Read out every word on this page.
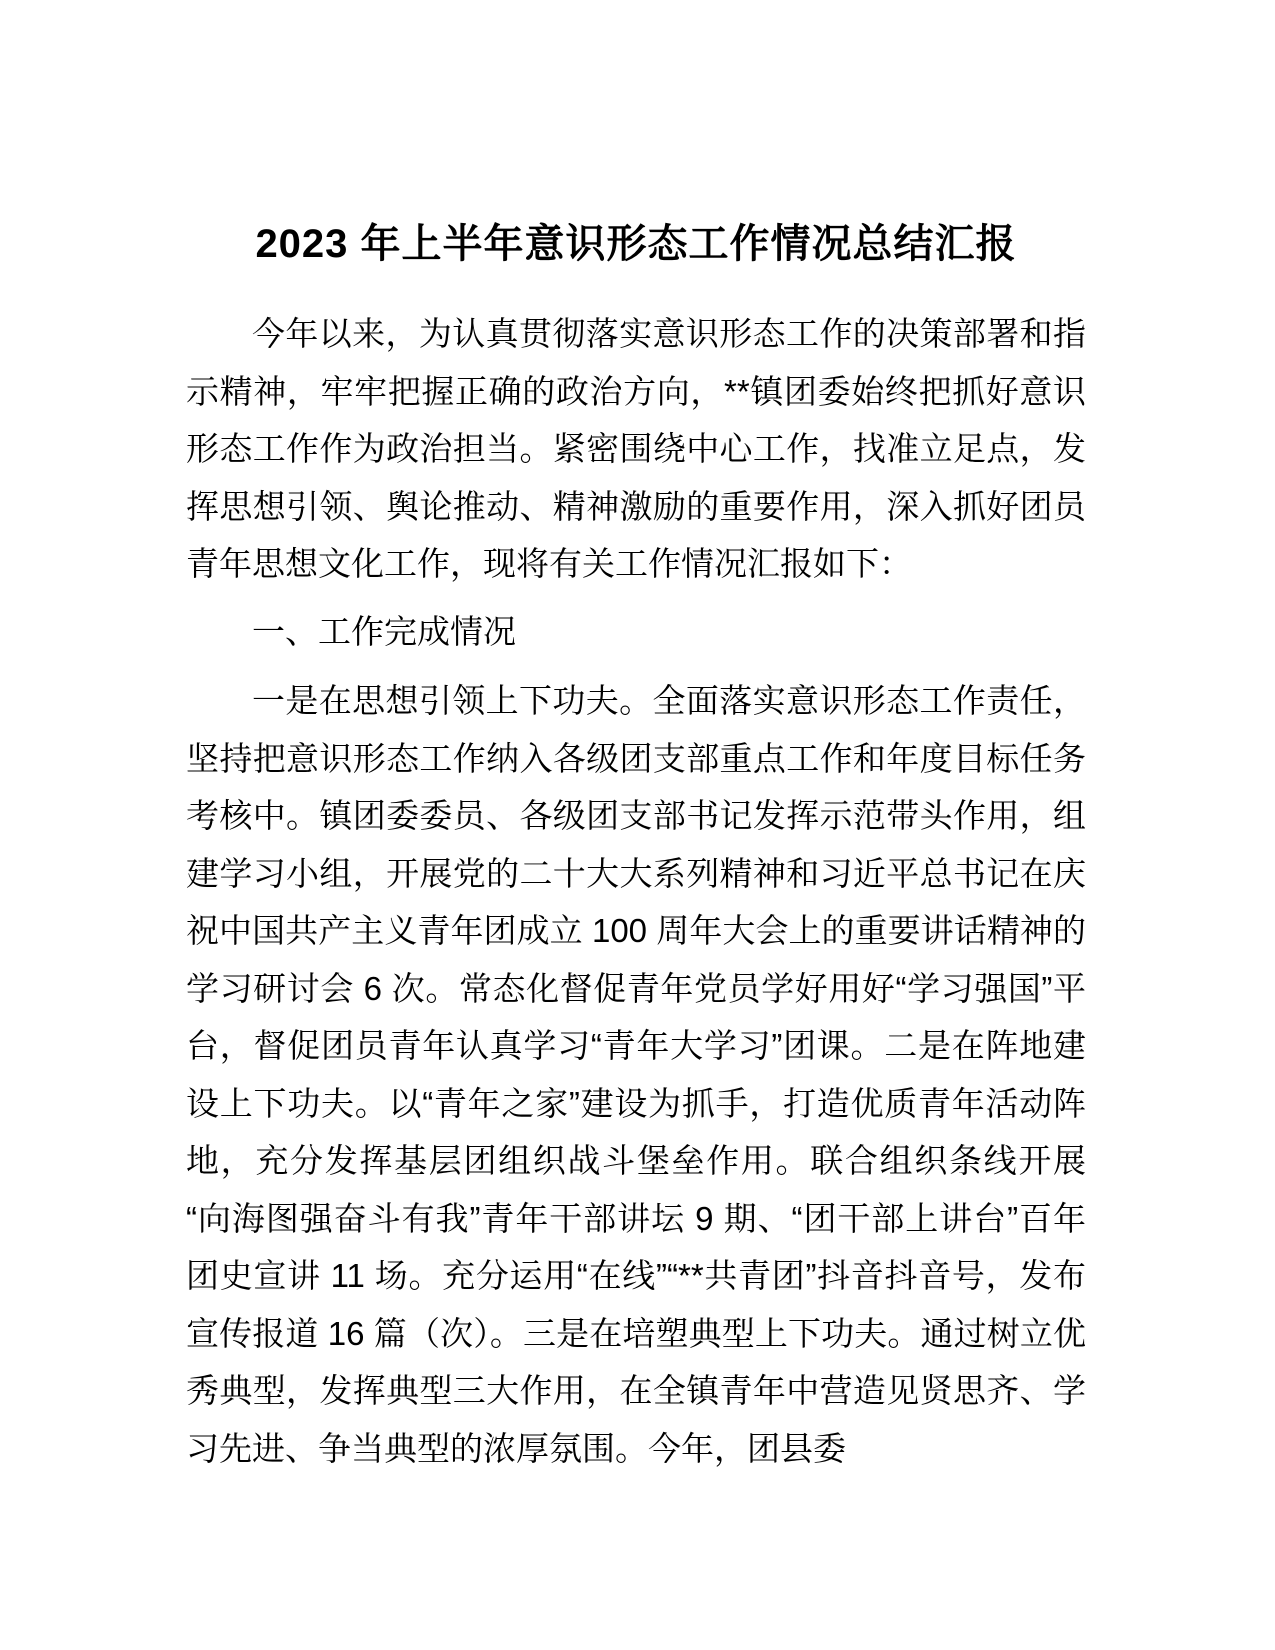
2023 年上半年意识形态工作情况总结汇报

今年以来，为认真贯彻落实意识形态工作的决策部署和指示精神，牢牢把握正确的政治方向，**镇团委始终把抓好意识形态工作作为政治担当。紧密围绕中心工作，找准立足点，发挥思想引领、舆论推动、精神激励的重要作用，深入抓好团员青年思想文化工作，现将有关工作情况汇报如下：

一、工作完成情况

一是在思想引领上下功夫。全面落实意识形态工作责任，坚持把意识形态工作纳入各级团支部重点工作和年度目标任务考核中。镇团委委员、各级团支部书记发挥示范带头作用，组建学习小组，开展党的二十大大系列精神和习近平总书记在庆祝中国共产主义青年团成立 100 周年大会上的重要讲话精神的学习研讨会 6 次。常态化督促青年党员学好用好“学习强国”平台，督促团员青年认真学习“青年大学习”团课。二是在阵地建设上下功夫。以“青年之家”建设为抓手，打造优质青年活动阵地，充分发挥基层团组织战斗堡垒作用。联合组织条线开展“向海图强奋斗有我”青年干部讲坛 9 期、“团干部上讲台”百年团史宣讲 11 场。充分运用“在线”“**共青团”抖音抖音号，发布宣传报道 16 篇（次）。三是在培塑典型上下功夫。通过树立优秀典型，发挥典型三大作用，在全镇青年中营造见贤思齐、学习先进、争当典型的浓厚氛围。今年，团县委
